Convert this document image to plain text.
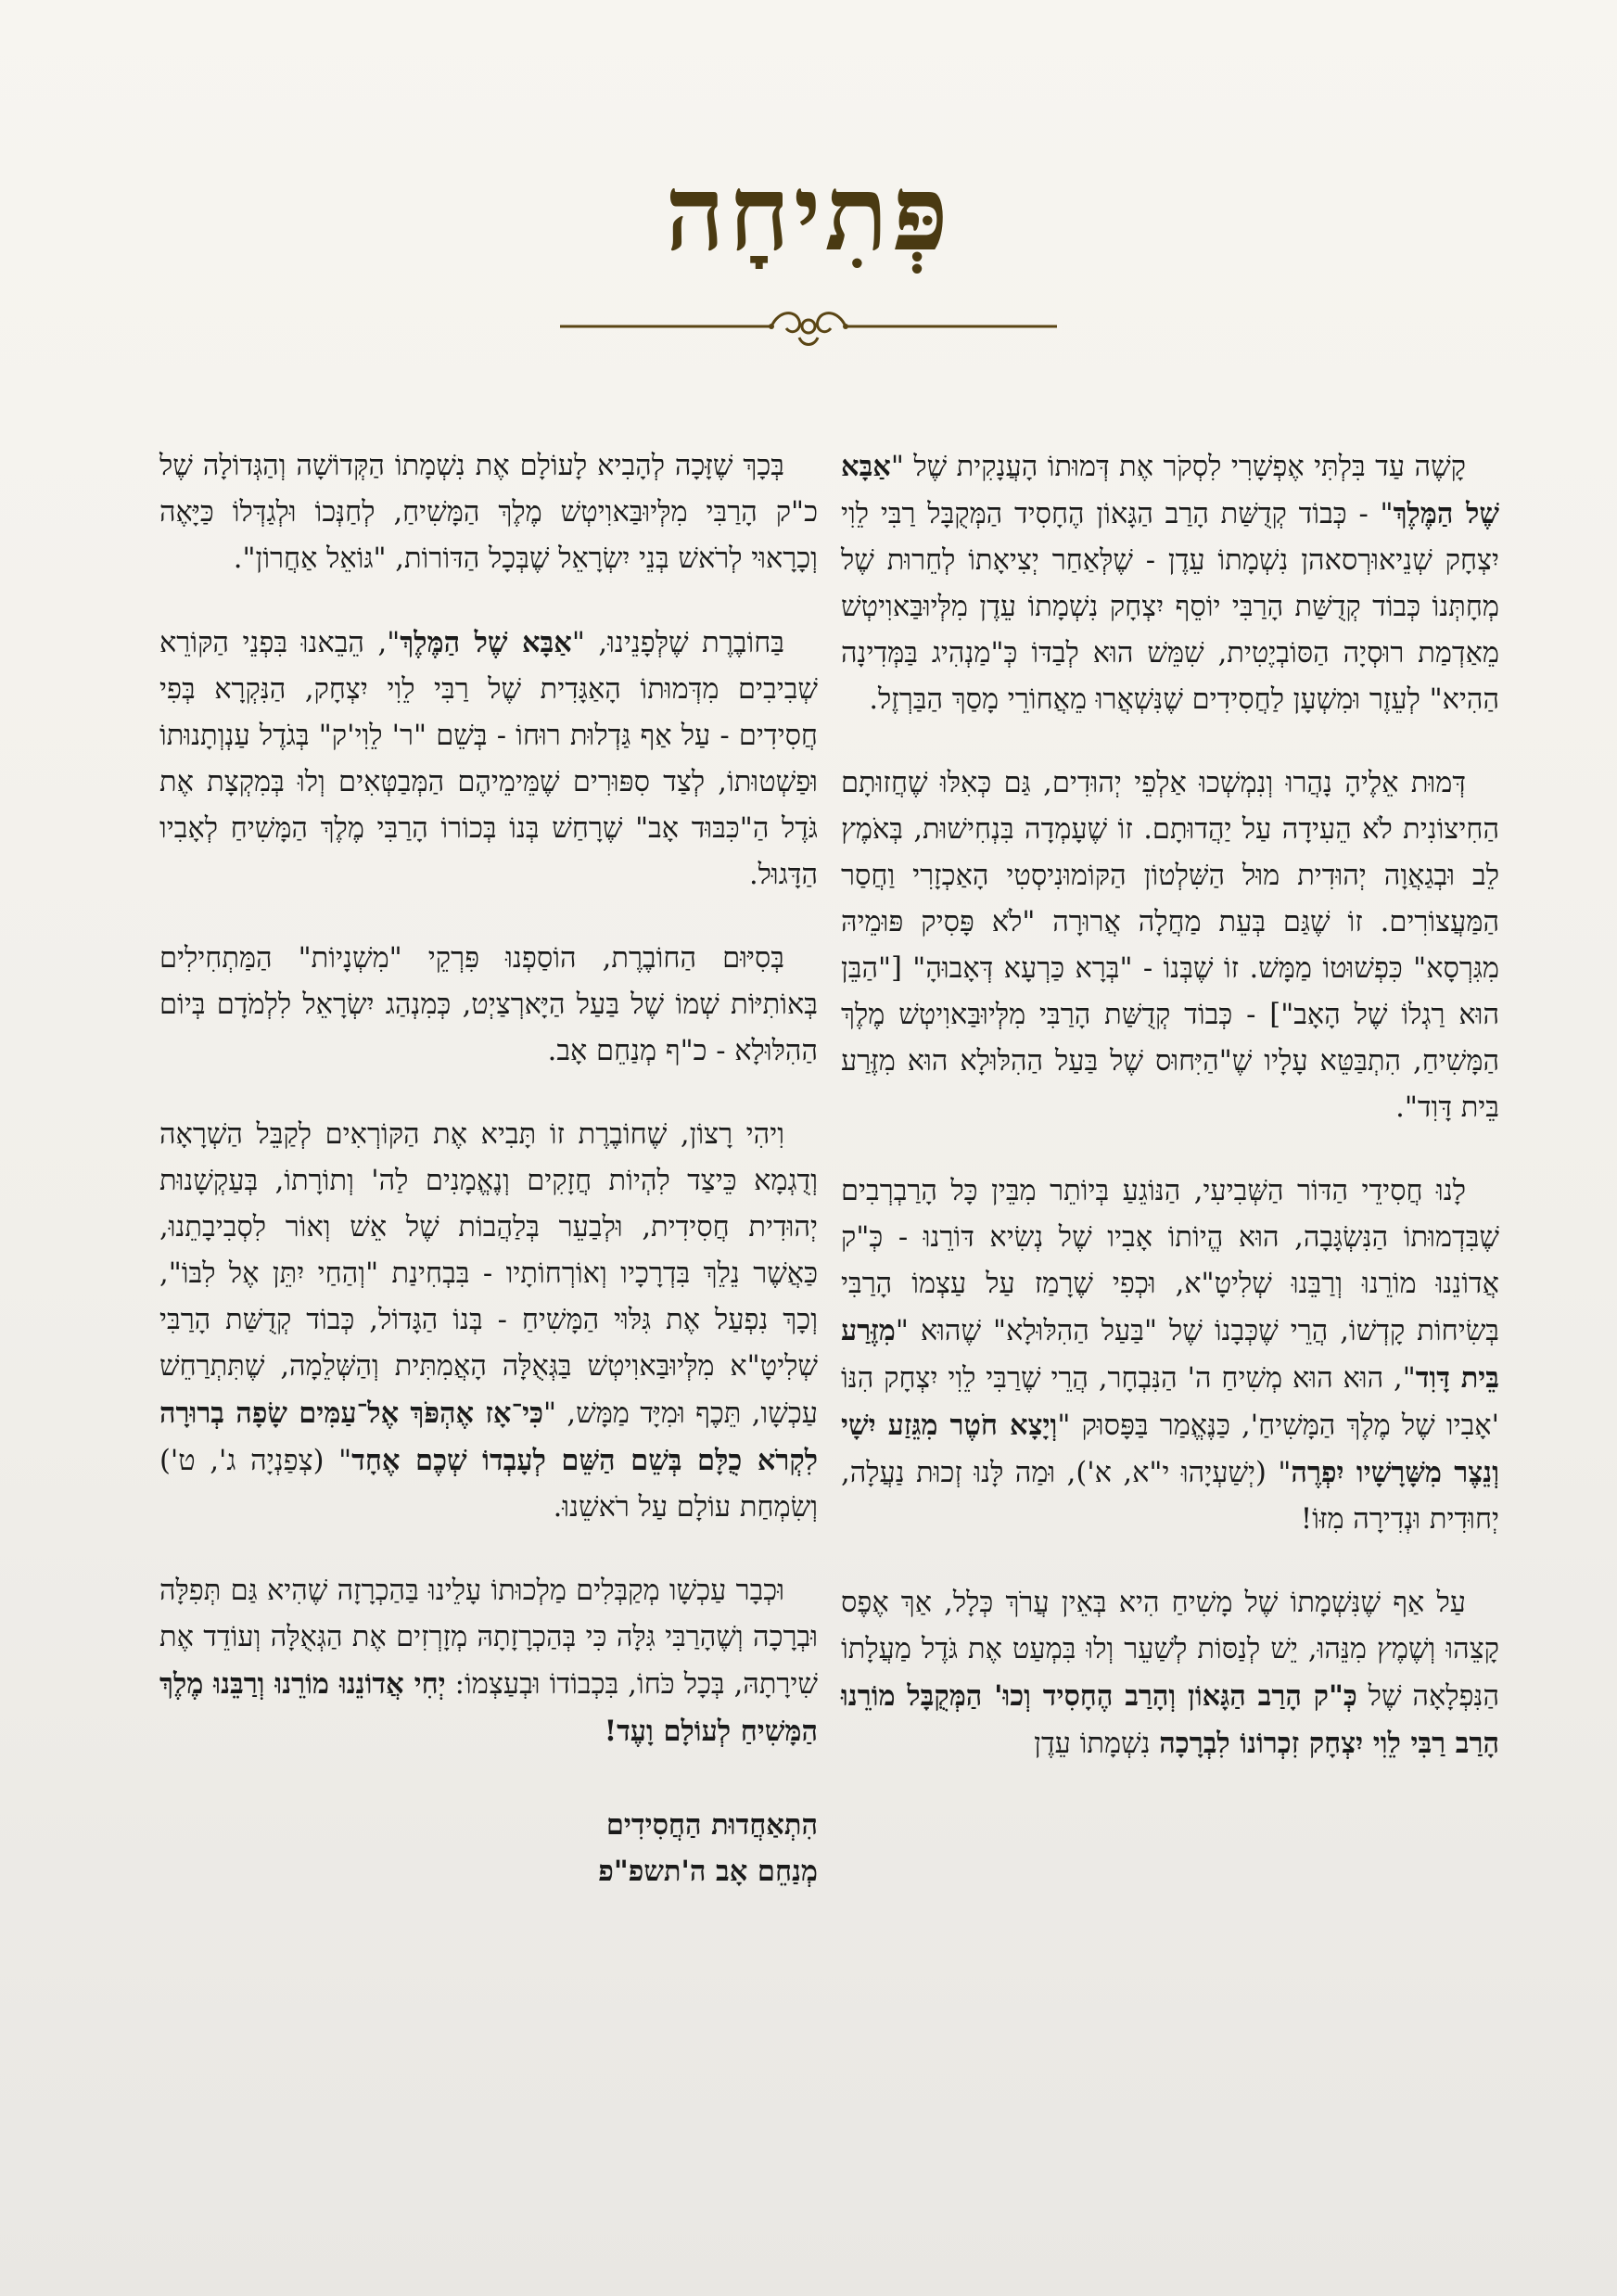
פְּתִיחָה

קָשֶׁה עַד בִּלְתִּי אֶפְשָׁרִי לִסְקֹר אֶת דְּמוּתוֹ הָעֲנָקִית שֶׁל "אַבָּא שֶׁל הַמֶּלֶךְ" - כְּבוֹד קְדֻשַּׁת הָרַב הַגָּאוֹן הֶחָסִיד הַמְּקֻבָּל רַבִּי לֵוִי יִצְחָק שְׁנֵיאוּרְסאהן נִשְׁמָתוֹ עֵדֶן - שֶׁלְּאַחַר יְצִיאָתוֹ לְחֵרוּת שֶׁל מְחָתְּנוֹ כְּבוֹד קְדֻשַּׁת הָרַבִּי יוֹסֵף יִצְחָק נִשְׁמָתוֹ עֵדֶן מִלְּיוּבַּאוִיטְשׁ מֵאַדְמַת רוּסְיָה הַסּוֹבְיֶטִית, שִׁמֵּשׁ הוּא לְבַדּוֹ כְּ"מַנְהִיג בַּמְּדִינָה הַהִיא" לְעֵזֶר וּמִשְׁעָן לַחֲסִידִים שֶׁנִּשְׁאֲרוּ מֵאֲחוֹרֵי מָסַךְ הַבַּרְזֶל.

דְּמוּת אֵלֶיהָ נָהֲרוּ וְנִמְשְׁכוּ אַלְפֵי יְהוּדִים, גַּם כְּאִלּוּ שֶׁחֲזוּתָם הַחִיצוֹנִית לֹא הֵעִידָה עַל יַהֲדוּתָם. זוֹ שֶׁעָמְדָה בִּנְחִישׁוּת, בְּאֹמֶץ לֵב וּבְגַאֲוָה יְהוּדִית מוּל הַשִּׁלְטוֹן הַקּוֹמוּנִיסְטִי הָאַכְזָרִי וַחֲסַר הַמַּעֲצוֹרִים. זוֹ שֶׁגַּם בְּעֵת מַחֲלָה אֲרוּרָה "לֹא פָּסִיק פּוּמֵיהּ מִגִּרְסָא" כִּפְשׁוּטוֹ מַמָּשׁ. זוֹ שֶׁבְּנוֹ - "בְּרָא כַּרְעָא דְּאָבוּהָ" ["הַבֵּן הוּא רַגְלוֹ שֶׁל הָאָב"] - כְּבוֹד קְדֻשַּׁת הָרַבִּי מִלְּיוּבַּאוִיטְשׁ מֶלֶךְ הַמָּשִׁיחַ, הִתְבַּטֵּא עָלָיו שֶׁ"הַיִּחוּס שֶׁל בַּעַל הַהִלּוּלָא הוּא מִזֶּרַע בֵּית דָּוִד".

לָנוּ חֲסִידֵי הַדּוֹר הַשְּׁבִיעִי, הַנּוֹגֵעַ בְּיוֹתֵר מִבֵּין כָּל הָרַבְרְבִים שֶׁבִּדְמוּתוֹ הַנִּשְׂגָּבָה, הוּא הֱיוֹתוֹ אָבִיו שֶׁל נְשִׂיא דּוֹרֵנוּ - כְּ"ק אֲדוֹנֵנוּ מוֹרֵנוּ וְרַבֵּנוּ שְׁלִיטָ"א, וּכְפִי שֶׁרָמַז עַל עַצְמוֹ הָרַבִּי בְּשִׂיחוֹת קָדְשׁוֹ, הֲרֵי שֶׁכְּבָנוֹ שֶׁל "בַּעַל הַהִלּוּלָא" שֶׁהוּא "מִזֶּרַע בֵּית דָּוִד", הוּא הוּא מְשִׁיחַ ה' הַנִּבְחָר, הֲרֵי שֶׁרַבִּי לֵוִי יִצְחָק הִנּוֹ 'אָבִיו שֶׁל מֶלֶךְ הַמָּשִׁיחַ', כַּנֶּאֱמַר בַּפָּסוּק "וְיָצָא חֹטֶר מִגֵּזַע יִשָׁי וְנֵצֶר מִשָּׁרָשָׁיו יִפְרֶה" (יְשַׁעְיָהוּ י"א, א'), וּמַה לָּנוּ זְכוּת נַעֲלָה, יְחוּדִית וּנְדִירָה מִזּוֹ!

עַל אַף שֶׁנִּשְׁמָתוֹ שֶׁל מָשִׁיחַ הִיא בְּאֵין עֲרֹךְ כְּלָל, אַךְ אֶפֶס קָצֵהוּ וְשֶׁמֶץ מִנֵּהוּ, יֵשׁ לְנַסּוֹת לְשַׁעֵר וְלוּ בִּמְעַט אֶת גֹּדֶל מַעֲלָתוֹ הַנִּפְלָאָה שֶׁל כְּ"ק הָרַב הַגָּאוֹן וְהָרַב הֶחָסִיד וְכוּ' הַמְּקֻבָּל מוֹרֵנוּ הָרַב רַבִּי לֵוִי יִצְחָק זִכְרוֹנוֹ לִבְרָכָה נִשְׁמָתוֹ עֵדֶן

בְּכָךְ שֶׁזָּכָה לְהָבִיא לָעוֹלָם אֶת נִשְׁמָתוֹ הַקְּדוֹשָׁה וְהַגְּדוֹלָה שֶׁל כ"ק הָרַבִּי מִלְּיוּבַּאוִיטְשׁ מֶלֶךְ הַמָּשִׁיחַ, לְחַנְּכוֹ וּלְגַדְּלוֹ כַּיָּאֶה וְכָרָאוּי לְרֹאשׁ בְּנֵי יִשְׂרָאֵל שֶׁבְּכָל הַדּוֹרוֹת, "גּוֹאֵל אַחֲרוֹן".

בַּחוֹבֶרֶת שֶׁלְּפָנֵינוּ, "אַבָּא שֶׁל הַמֶּלֶךְ", הֵבֵאנוּ בִּפְנֵי הַקּוֹרֵא שְׁבִיבִים מִדְּמוּתוֹ הָאַגָּדִית שֶׁל רַבִּי לֵוִי יִצְחָק, הַנִּקְרָא בְּפִי חֲסִידִים - עַל אַף גַּדְלוּת רוּחוֹ - בְּשֵׁם "ר' לֵוִי'ק" בְּגֹדֶל עַנְוְתָנוּתוֹ וּפַשְׁטוּתוֹ, לְצַד סִפּוּרִים שֶׁמֵּימֵיהֶם הַמְּבַטְּאִים וְלוּ בְּמִקְצָת אֶת גֹּדֶל הַ"כִּבּוּד אָב" שֶׁרָחַשׁ בְּנוֹ בְּכוֹרוֹ הָרַבִּי מֶלֶךְ הַמָּשִׁיחַ לְאָבִיו הַדָּגוּל.

בְּסִיּוּם הַחוֹבֶרֶת, הוֹסַפְנוּ פִּרְקֵי "מִשְׁנָיוֹת" הַמַּתְחִילִים בְּאוֹתִיּוֹת שְׁמוֹ שֶׁל בַּעַל הַיָּארְצַיְט, כְּמִנְהַג יִשְׂרָאֵל לִלְמֹדָם בְּיוֹם הַהִלּוּלָא - כ"ף מְנַחֵם אָב.

וִיהִי רָצוֹן, שֶׁחוֹבֶרֶת זוֹ תָּבִיא אֶת הַקּוֹרְאִים לְקַבֵּל הַשְׁרָאָה וְדֻגְמָא כֵּיצַד לִהְיוֹת חֲזָקִים וְנֶאֱמָנִים לַה' וְתוֹרָתוֹ, בְּעַקְשָׁנוּת יְהוּדִית חֲסִידִית, וּלְבַעֵר בְּלַהֲבוֹת שֶׁל אֵשׁ וְאוֹר לִסְבִיבָתֵנוּ, כַּאֲשֶׁר נֵלֵךְ בִּדְרָכָיו וְאוֹרְחוֹתָיו - בִּבְחִינַת "וְהַחַי יִתֵּן אֶל לִבּוֹ", וְכָךְ נִפְעַל אֶת גִּלּוּי הַמָּשִׁיחַ - בְּנוֹ הַגָּדוֹל, כְּבוֹד קְדֻשַּׁת הָרַבִּי שְׁלִיטָ"א מִלְּיוּבַּאוִיטְשׁ בַּגְּאֻלָּה הָאֲמִתִּית וְהַשְּׁלֵמָה, שֶׁתִּתְרַחֵשׁ עַכְשָׁו, תֵּכֶף וּמִיָּד מַמָּשׁ, "כִּי־אָז אֶהְפֹּךְ אֶל־עַמִּים שָׂפָה בְרוּרָה לִקְרֹא כֻלָּם בְּשֵׁם הַשֵּׁם לְעָבְדוֹ שְׁכֶם אֶחָד" (צְפַנְיָה ג', ט') וְשִׂמְחַת עוֹלָם עַל רֹאשֵׁנוּ.

וּכְבָר עַכְשָׁו מְקַבְּלִים מַלְכוּתוֹ עָלֵינוּ בַּהַכְרָזָה שֶׁהִיא גַּם תְּפִלָּה וּבְרָכָה וְשֶׁהָרַבִּי גִּלָּה כִּי בְּהַכְרָזָתָהּ מְזָרְזִים אֶת הַגְּאֻלָּה וְעוֹדֵד אֶת שִׁירָתָהּ, בְּכָל כֹּחוֹ, בִּכְבוֹדוֹ וּבְעַצְמוֹ: יְחִי אֲדוֹנֵנוּ מוֹרֵנוּ וְרַבֵּנוּ מֶלֶךְ הַמָּשִׁיחַ לְעוֹלָם וָעֶד!

הִתְאַחֲדוּת הַחֲסִידִים
מְנַחֵם אָב ה'תשפ"פ
